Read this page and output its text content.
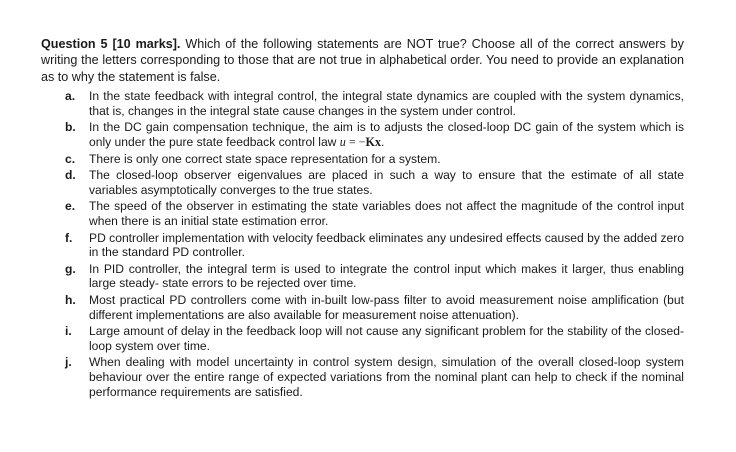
Question 5 [10 marks]. Which of the following statements are NOT true? Choose all of the correct answers by writing the letters corresponding to those that are not true in alphabetical order. You need to provide an explanation as to why the statement is false.

a. In the state feedback with integral control, the integral state dynamics are coupled with the system dynamics, that is, changes in the integral state cause changes in the system under control.
b. In the DC gain compensation technique, the aim is to adjusts the closed-loop DC gain of the system which is only under the pure state feedback control law u = −Kx.
c. There is only one correct state space representation for a system.
d. The closed-loop observer eigenvalues are placed in such a way to ensure that the estimate of all state variables asymptotically converges to the true states.
e. The speed of the observer in estimating the state variables does not affect the magnitude of the control input when there is an initial state estimation error.
f. PD controller implementation with velocity feedback eliminates any undesired effects caused by the added zero in the standard PD controller.
g. In PID controller, the integral term is used to integrate the control input which makes it larger, thus enabling large steady- state errors to be rejected over time.
h. Most practical PD controllers come with in-built low-pass filter to avoid measurement noise amplification (but different implementations are also available for measurement noise attenuation).
i. Large amount of delay in the feedback loop will not cause any significant problem for the stability of the closed-loop system over time.
j. When dealing with model uncertainty in control system design, simulation of the overall closed-loop system behaviour over the entire range of expected variations from the nominal plant can help to check if the nominal performance requirements are satisfied.
